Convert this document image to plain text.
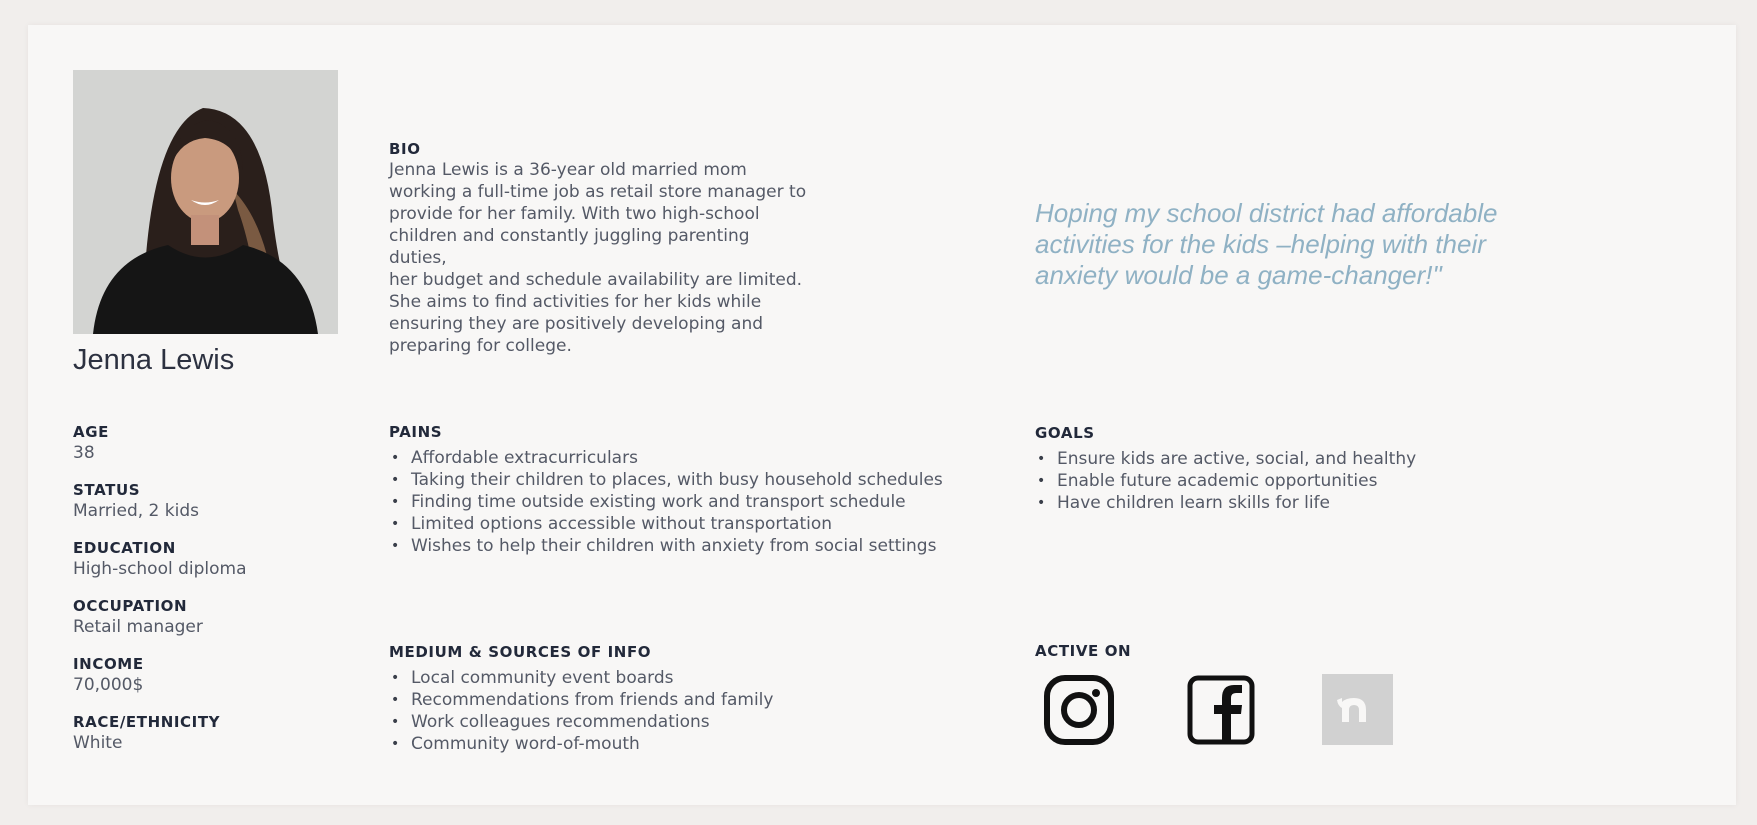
Jenna Lewis

AGE

38

STATUS

Married, 2 kids

EDUCATION

High-school diploma

OCCUPATION

Retail manager

INCOME

70,000$

RACE/ETHNICITY

White

BIO

Jenna Lewis is a 36-year old married mom
working a full-time job as retail store manager to
provide for her family. With two high-school
children and constantly juggling parenting duties,
her budget and schedule availability are limited.
She aims to find activities for her kids while
ensuring they are positively developing and
preparing for college.
Hoping my school district had affordable
activities for the kids –helping with their
anxiety would be a game-changer!"

PAINS

• Affordable extracurriculars
• Taking their children to places, with busy household schedules
• Finding time outside existing work and transport schedule
• Limited options accessible without transportation
• Wishes to help their children with anxiety from social settings

GOALS

• Ensure kids are active, social, and healthy
• Enable future academic opportunities
• Have children learn skills for life

MEDIUM & SOURCES OF INFO

• Local community event boards
• Recommendations from friends and family
• Work colleagues recommendations
• Community word-of-mouth

ACTIVE ON
